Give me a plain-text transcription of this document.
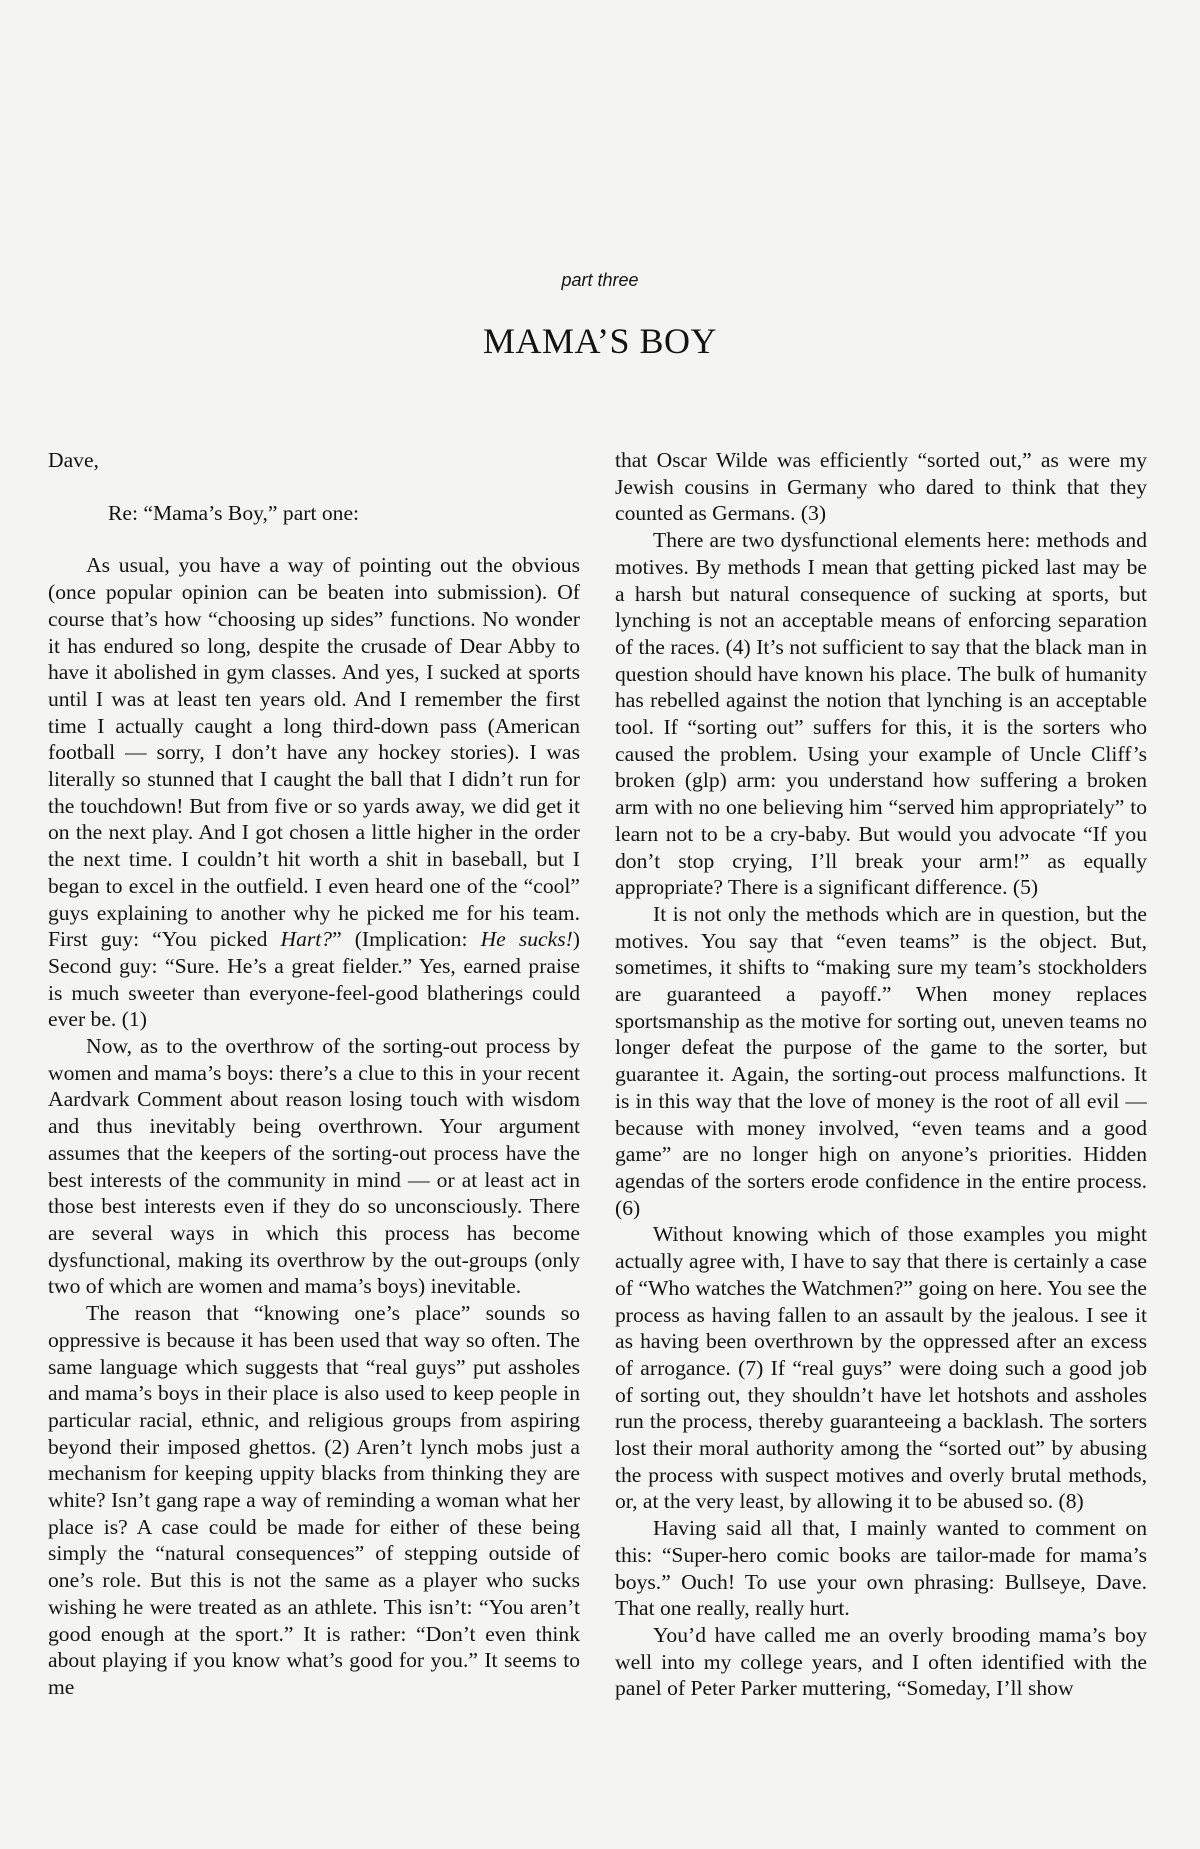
part three
MAMA’S BOY

Dave,

Re: “Mama’s Boy,” part one:

As usual, you have a way of pointing out the obvious (once popular opinion can be beaten into submission). Of course that’s how “choosing up sides” functions. No wonder it has endured so long, despite the crusade of Dear Abby to have it abolished in gym classes. And yes, I sucked at sports until I was at least ten years old. And I remember the first time I actually caught a long third-down pass (American football — sorry, I don’t have any hockey stories). I was literally so stunned that I caught the ball that I didn’t run for the touchdown! But from five or so yards away, we did get it on the next play. And I got chosen a little higher in the order the next time. I couldn’t hit worth a shit in baseball, but I began to excel in the outfield. I even heard one of the “cool” guys explaining to another why he picked me for his team. First guy: “You picked Hart?” (Implication: He sucks!) Second guy: “Sure. He’s a great fielder.” Yes, earned praise is much sweeter than everyone-feel-good blatherings could ever be. (1)

Now, as to the overthrow of the sorting-out process by women and mama’s boys: there’s a clue to this in your recent Aardvark Comment about reason losing touch with wisdom and thus inevitably being overthrown. Your argument assumes that the keepers of the sorting-out process have the best interests of the community in mind — or at least act in those best interests even if they do so unconsciously. There are several ways in which this process has become dysfunctional, making its overthrow by the out-groups (only two of which are women and mama’s boys) inevitable.

The reason that “knowing one’s place” sounds so oppressive is because it has been used that way so often. The same language which suggests that “real guys” put assholes and mama’s boys in their place is also used to keep people in particular racial, ethnic, and religious groups from aspiring beyond their imposed ghettos. (2) Aren’t lynch mobs just a mechanism for keeping uppity blacks from thinking they are white? Isn’t gang rape a way of reminding a woman what her place is? A case could be made for either of these being simply the “natural consequences” of stepping outside of one’s role. But this is not the same as a player who sucks wishing he were treated as an athlete. This isn’t: “You aren’t good enough at the sport.” It is rather: “Don’t even think about playing if you know what’s good for you.” It seems to me

that Oscar Wilde was efficiently “sorted out,” as were my Jewish cousins in Germany who dared to think that they counted as Germans. (3)

There are two dysfunctional elements here: methods and motives. By methods I mean that getting picked last may be a harsh but natural consequence of sucking at sports, but lynching is not an acceptable means of enforcing separation of the races. (4) It’s not sufficient to say that the black man in question should have known his place. The bulk of humanity has rebelled against the notion that lynching is an acceptable tool. If “sorting out” suffers for this, it is the sorters who caused the problem. Using your example of Uncle Cliff’s broken (glp) arm: you understand how suffering a broken arm with no one believing him “served him appropriately” to learn not to be a cry-baby. But would you advocate “If you don’t stop crying, I’ll break your arm!” as equally appropriate? There is a significant difference. (5)

It is not only the methods which are in question, but the motives. You say that “even teams” is the object. But, sometimes, it shifts to “making sure my team’s stockholders are guaranteed a payoff.” When money replaces sportsmanship as the motive for sorting out, uneven teams no longer defeat the purpose of the game to the sorter, but guarantee it. Again, the sorting-out process malfunctions. It is in this way that the love of money is the root of all evil — because with money involved, “even teams and a good game” are no longer high on anyone’s priorities. Hidden agendas of the sorters erode confidence in the entire process. (6)

Without knowing which of those examples you might actually agree with, I have to say that there is certainly a case of “Who watches the Watchmen?” going on here. You see the process as having fallen to an assault by the jealous. I see it as having been overthrown by the oppressed after an excess of arrogance. (7) If “real guys” were doing such a good job of sorting out, they shouldn’t have let hotshots and assholes run the process, thereby guaranteeing a backlash. The sorters lost their moral authority among the “sorted out” by abusing the process with suspect motives and overly brutal methods, or, at the very least, by allowing it to be abused so. (8)

Having said all that, I mainly wanted to comment on this: “Super-hero comic books are tailor-made for mama’s boys.” Ouch! To use your own phrasing: Bullseye, Dave. That one really, really hurt.

You’d have called me an overly brooding mama’s boy well into my college years, and I often identified with the panel of Peter Parker muttering, “Someday, I’ll show
